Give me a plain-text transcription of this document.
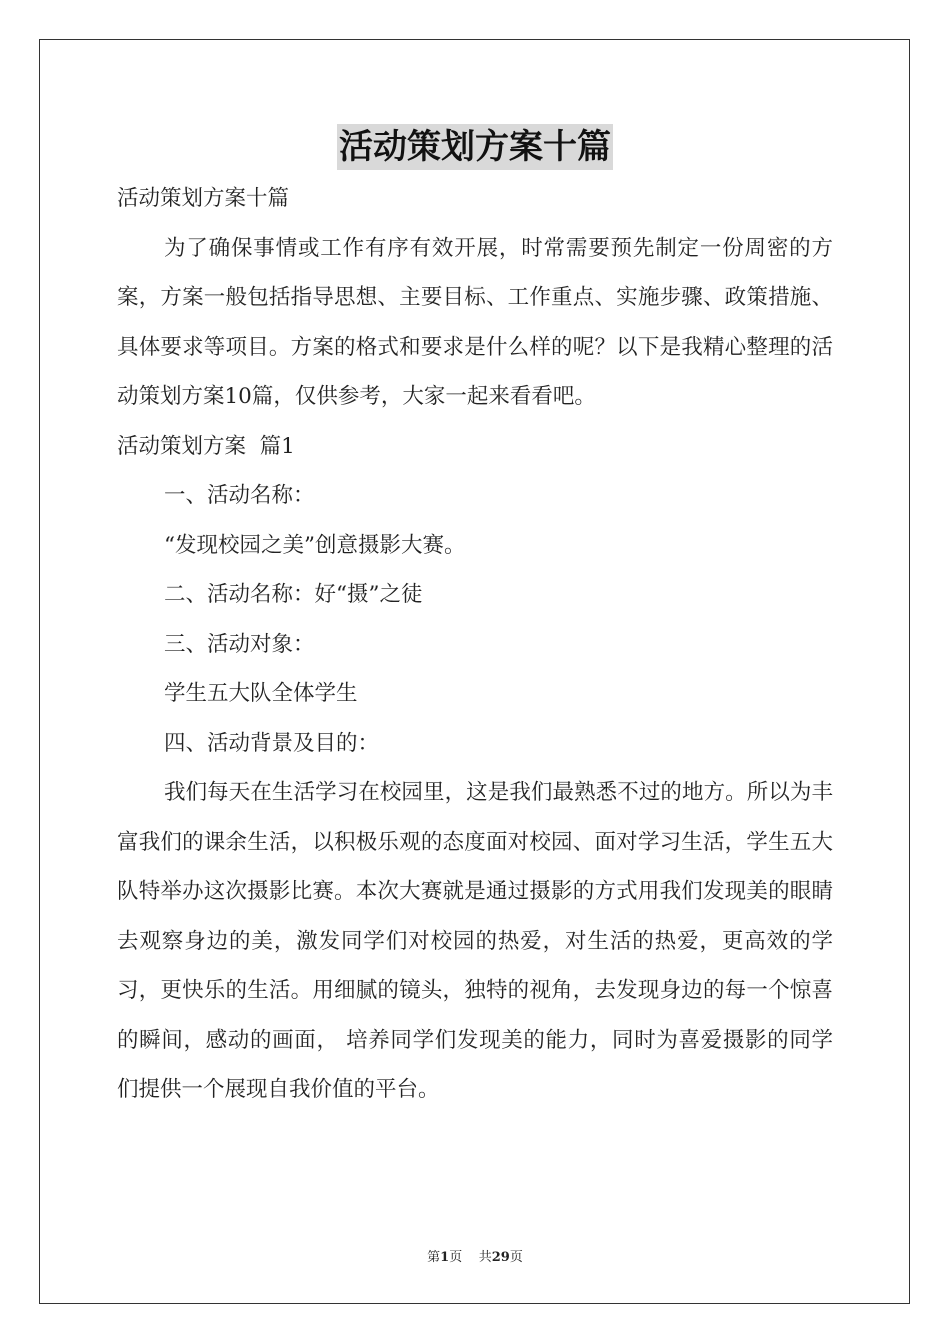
活动策划方案十篇

活动策划方案十篇

为了确保事情或工作有序有效开展，时常需要预先制定一份周密的方案，方案一般包括指导思想、主要目标、工作重点、实施步骤、政策措施、具体要求等项目。方案的格式和要求是什么样的呢？以下是我精心整理的活动策划方案10篇，仅供参考，大家一起来看看吧。

活动策划方案  篇1

一、活动名称：

“发现校园之美”创意摄影大赛。

二、活动名称：好“摄”之徒

三、活动对象：

学生五大队全体学生

四、活动背景及目的：

我们每天在生活学习在校园里，这是我们最熟悉不过的地方。所以为丰富我们的课余生活，以积极乐观的态度面对校园、面对学习生活，学生五大队特举办这次摄影比赛。本次大赛就是通过摄影的方式用我们发现美的眼睛去观察身边的美，激发同学们对校园的热爱，对生活的热爱，更高效的学习，更快乐的生活。用细腻的镜头，独特的视角，去发现身边的每一个惊喜的瞬间，感动的画面， 培养同学们发现美的能力，同时为喜爱摄影的同学们提供一个展现自我价值的平台。

第1页 共29页
